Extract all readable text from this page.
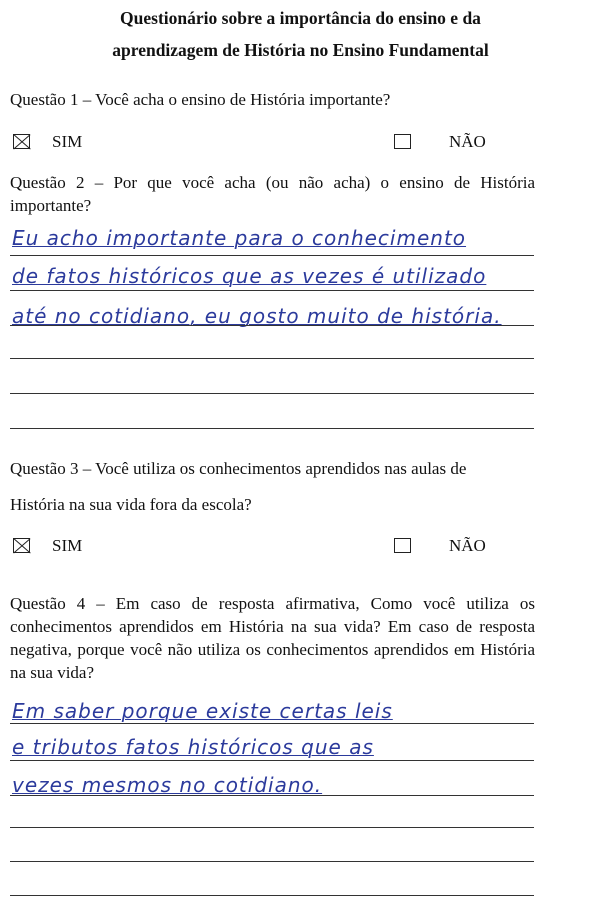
Questionário sobre a importância do ensino e da
aprendizagem de História no Ensino Fundamental
Questão 1 – Você acha o ensino de História importante?
SIM	NÃO
Questão 2 – Por que você acha (ou não acha) o ensino de História importante?
Eu acho importante para o conhecimento
de fatos históricos que as vezes é utilizado
até no cotidiano, eu gosto muito de história.
Questão 3 – Você utiliza os conhecimentos aprendidos nas aulas de
História na sua vida fora da escola?
SIM	NÃO
Questão 4 – Em caso de resposta afirmativa, Como você utiliza os conhecimentos aprendidos em História na sua vida? Em caso de resposta negativa, porque você não utiliza os conhecimentos aprendidos em História na sua vida?
Em saber porque existe certas leis
e tributos fatos históricos que as
vezes mesmos no cotidiano.
